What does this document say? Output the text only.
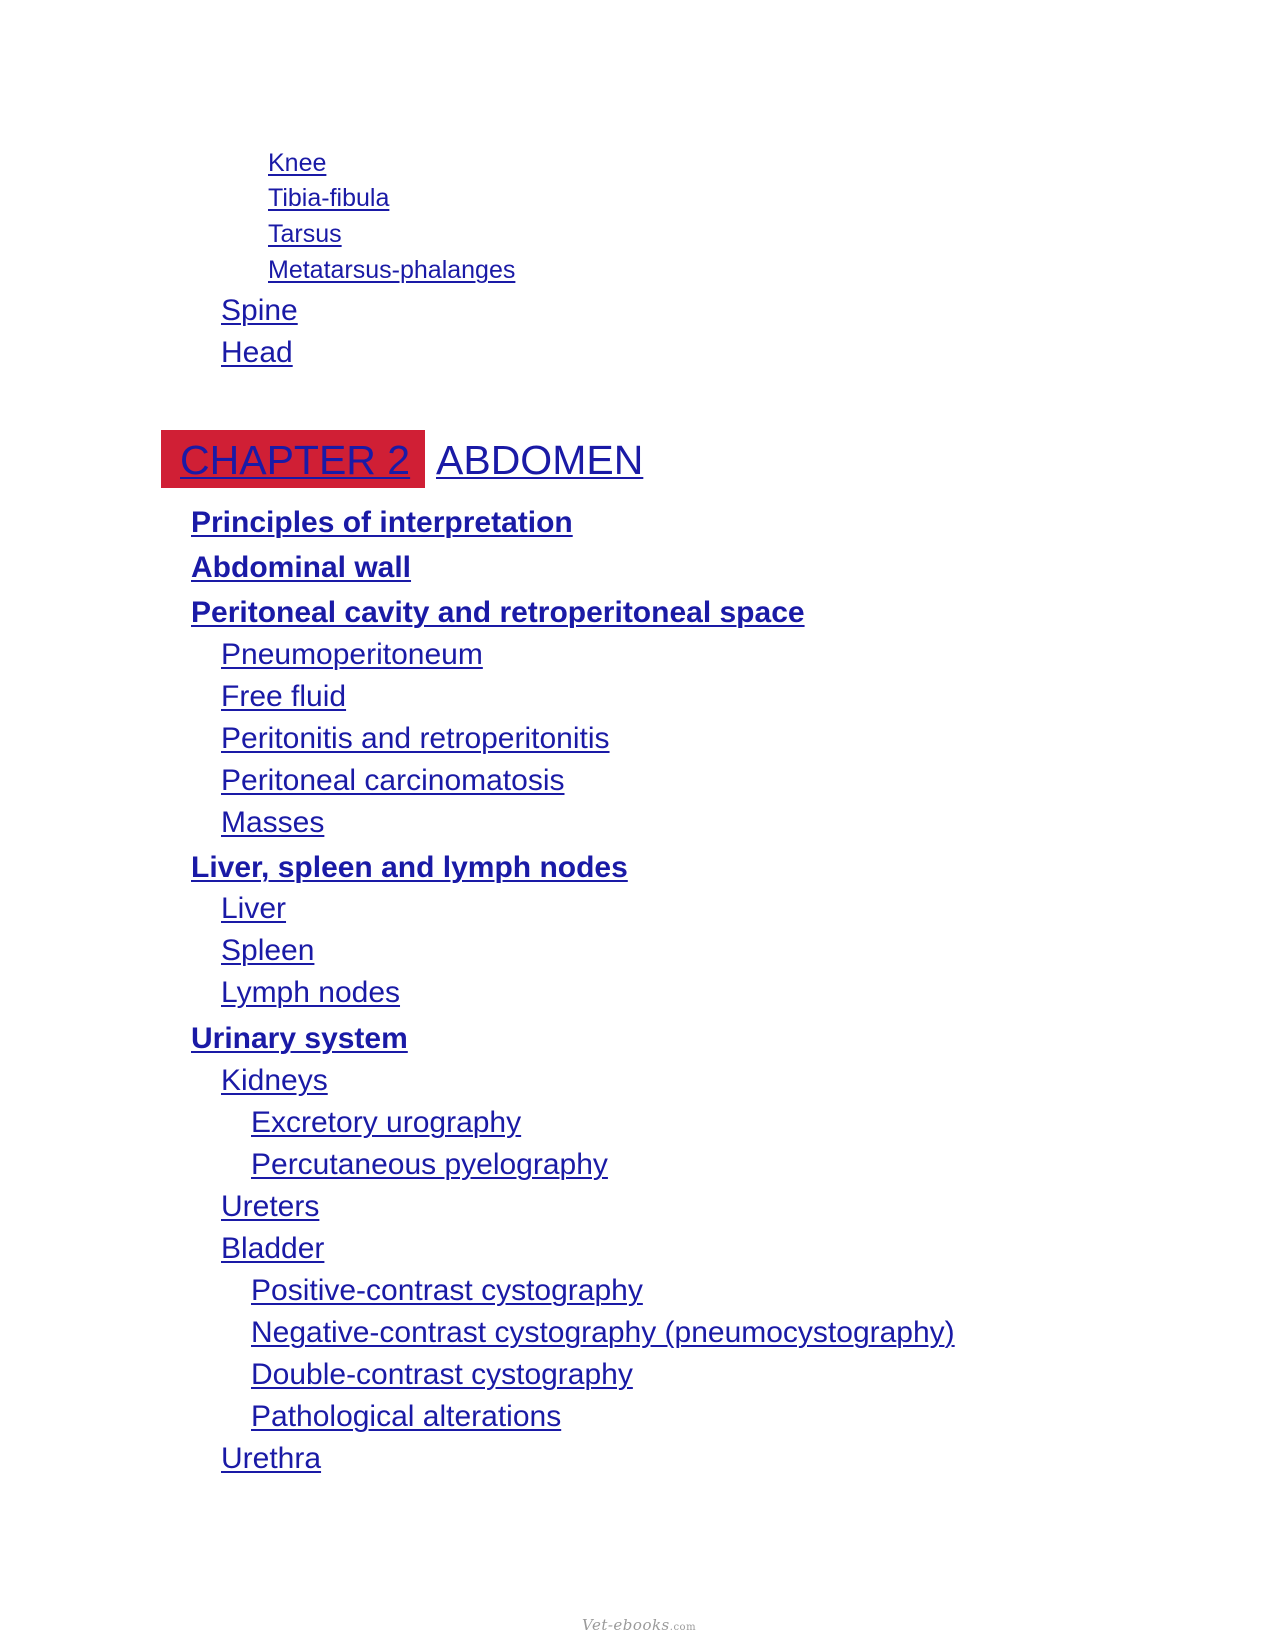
Knee
Tibia-fibula
Tarsus
Metatarsus-phalanges
Spine
Head
CHAPTER 2 ABDOMEN
Principles of interpretation
Abdominal wall
Peritoneal cavity and retroperitoneal space
Pneumoperitoneum
Free fluid
Peritonitis and retroperitonitis
Peritoneal carcinomatosis
Masses
Liver, spleen and lymph nodes
Liver
Spleen
Lymph nodes
Urinary system
Kidneys
Excretory urography
Percutaneous pyelography
Ureters
Bladder
Positive-contrast cystography
Negative-contrast cystography (pneumocystography)
Double-contrast cystography
Pathological alterations
Urethra
Vet-ebooks.com
